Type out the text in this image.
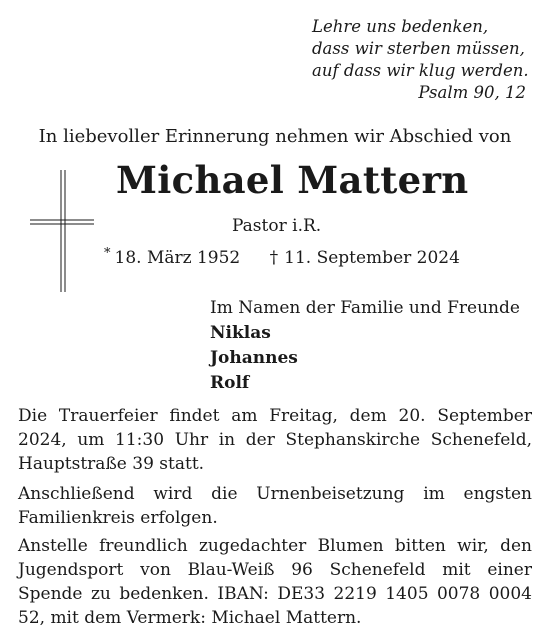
Lehre uns bedenken,
dass wir sterben müssen,
auf dass wir klug werden.
Psalm 90, 12
In liebevoller Erinnerung nehmen wir Abschied von
Michael Mattern
Pastor i.R.
* 18. März 1952 † 11. September 2024
Im Namen der Familie und Freunde
Niklas
Johannes
Rolf
Die Trauerfeier findet am Freitag, dem 20. September 2024, um 11:30 Uhr in der Stephanskirche Schenefeld, Hauptstraße 39 statt.
Anschließend wird die Urnenbeisetzung im engsten Familienkreis erfolgen.
Anstelle freundlich zugedachter Blumen bitten wir, den Jugendsport von Blau-Weiß 96 Schenefeld mit einer Spende zu bedenken. IBAN: DE33 2219 1405 0078 0004 52, mit dem Vermerk: Michael Mattern.
